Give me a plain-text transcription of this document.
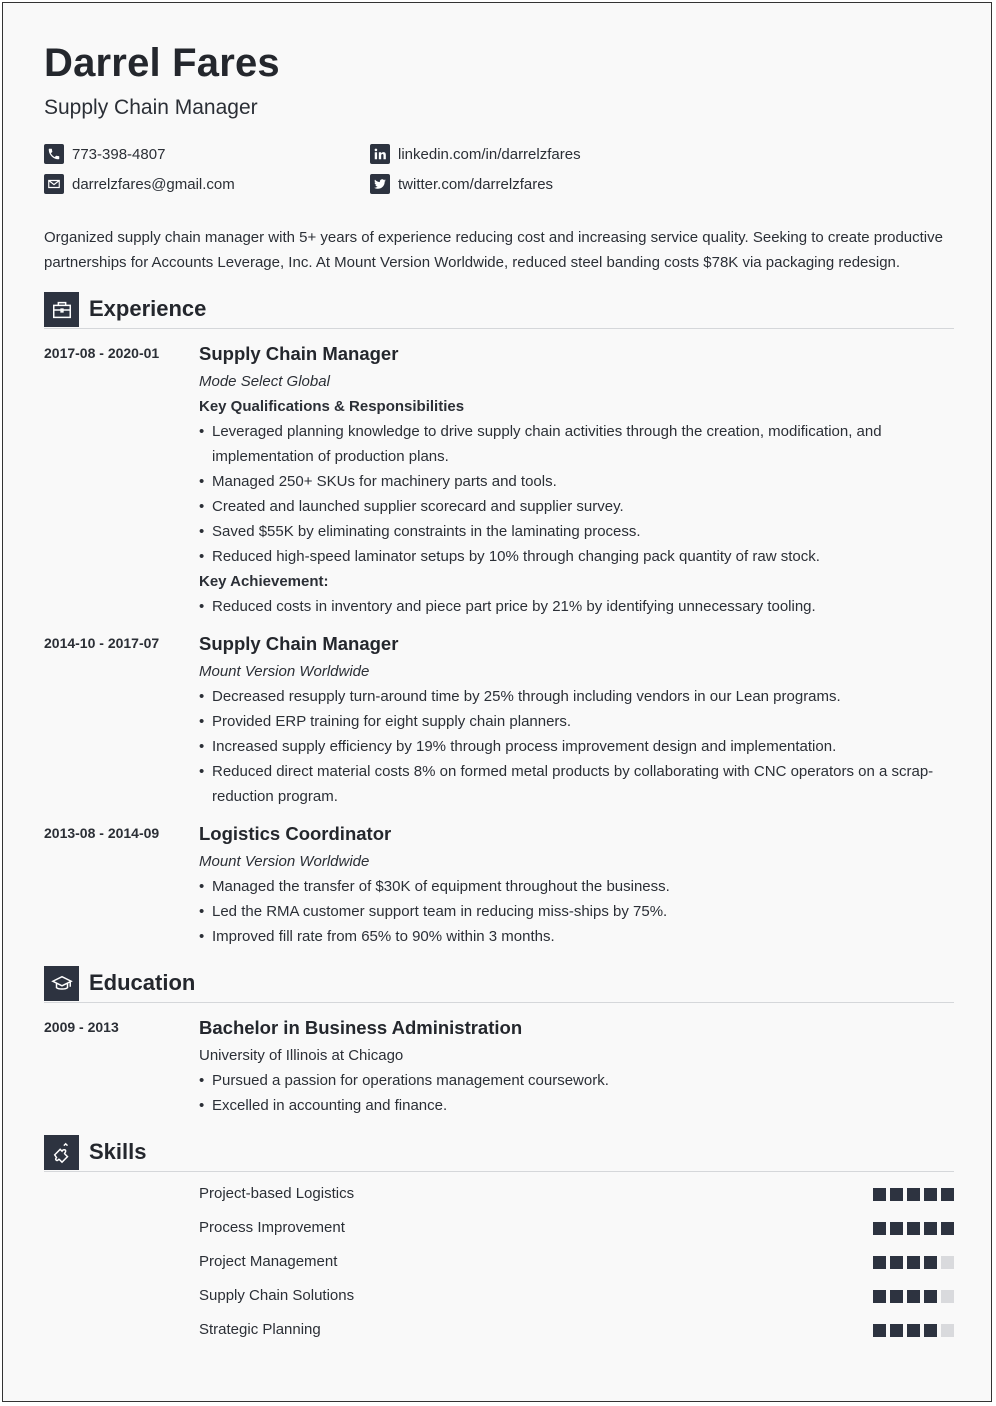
Darrel Fares
Supply Chain Manager
773-398-4807
darrelzfares@gmail.com
linkedin.com/in/darrelzfares
twitter.com/darrelzfares
Organized supply chain manager with 5+ years of experience reducing cost and increasing service quality. Seeking to create productive partnerships for Accounts Leverage, Inc. At Mount Version Worldwide, reduced steel banding costs $78K via packaging redesign.
Experience
2017-08 - 2020-01 Supply Chain Manager
Mode Select Global
Key Qualifications & Responsibilities
• Leveraged planning knowledge to drive supply chain activities through the creation, modification, and implementation of production plans.
• Managed 250+ SKUs for machinery parts and tools.
• Created and launched supplier scorecard and supplier survey.
• Saved $55K by eliminating constraints in the laminating process.
• Reduced high-speed laminator setups by 10% through changing pack quantity of raw stock.
Key Achievement:
• Reduced costs in inventory and piece part price by 21% by identifying unnecessary tooling.
2014-10 - 2017-07 Supply Chain Manager
Mount Version Worldwide
• Decreased resupply turn-around time by 25% through including vendors in our Lean programs.
• Provided ERP training for eight supply chain planners.
• Increased supply efficiency by 19% through process improvement design and implementation.
• Reduced direct material costs 8% on formed metal products by collaborating with CNC operators on a scrap-reduction program.
2013-08 - 2014-09 Logistics Coordinator
Mount Version Worldwide
• Managed the transfer of $30K of equipment throughout the business.
• Led the RMA customer support team in reducing miss-ships by 75%.
• Improved fill rate from 65% to 90% within 3 months.
Education
2009 - 2013	Bachelor in Business Administration
University of Illinois at Chicago
• Pursued a passion for operations management coursework.
• Excelled in accounting and finance.
Skills
Project-based Logistics
Process Improvement
Project Management
Supply Chain Solutions
Strategic Planning
